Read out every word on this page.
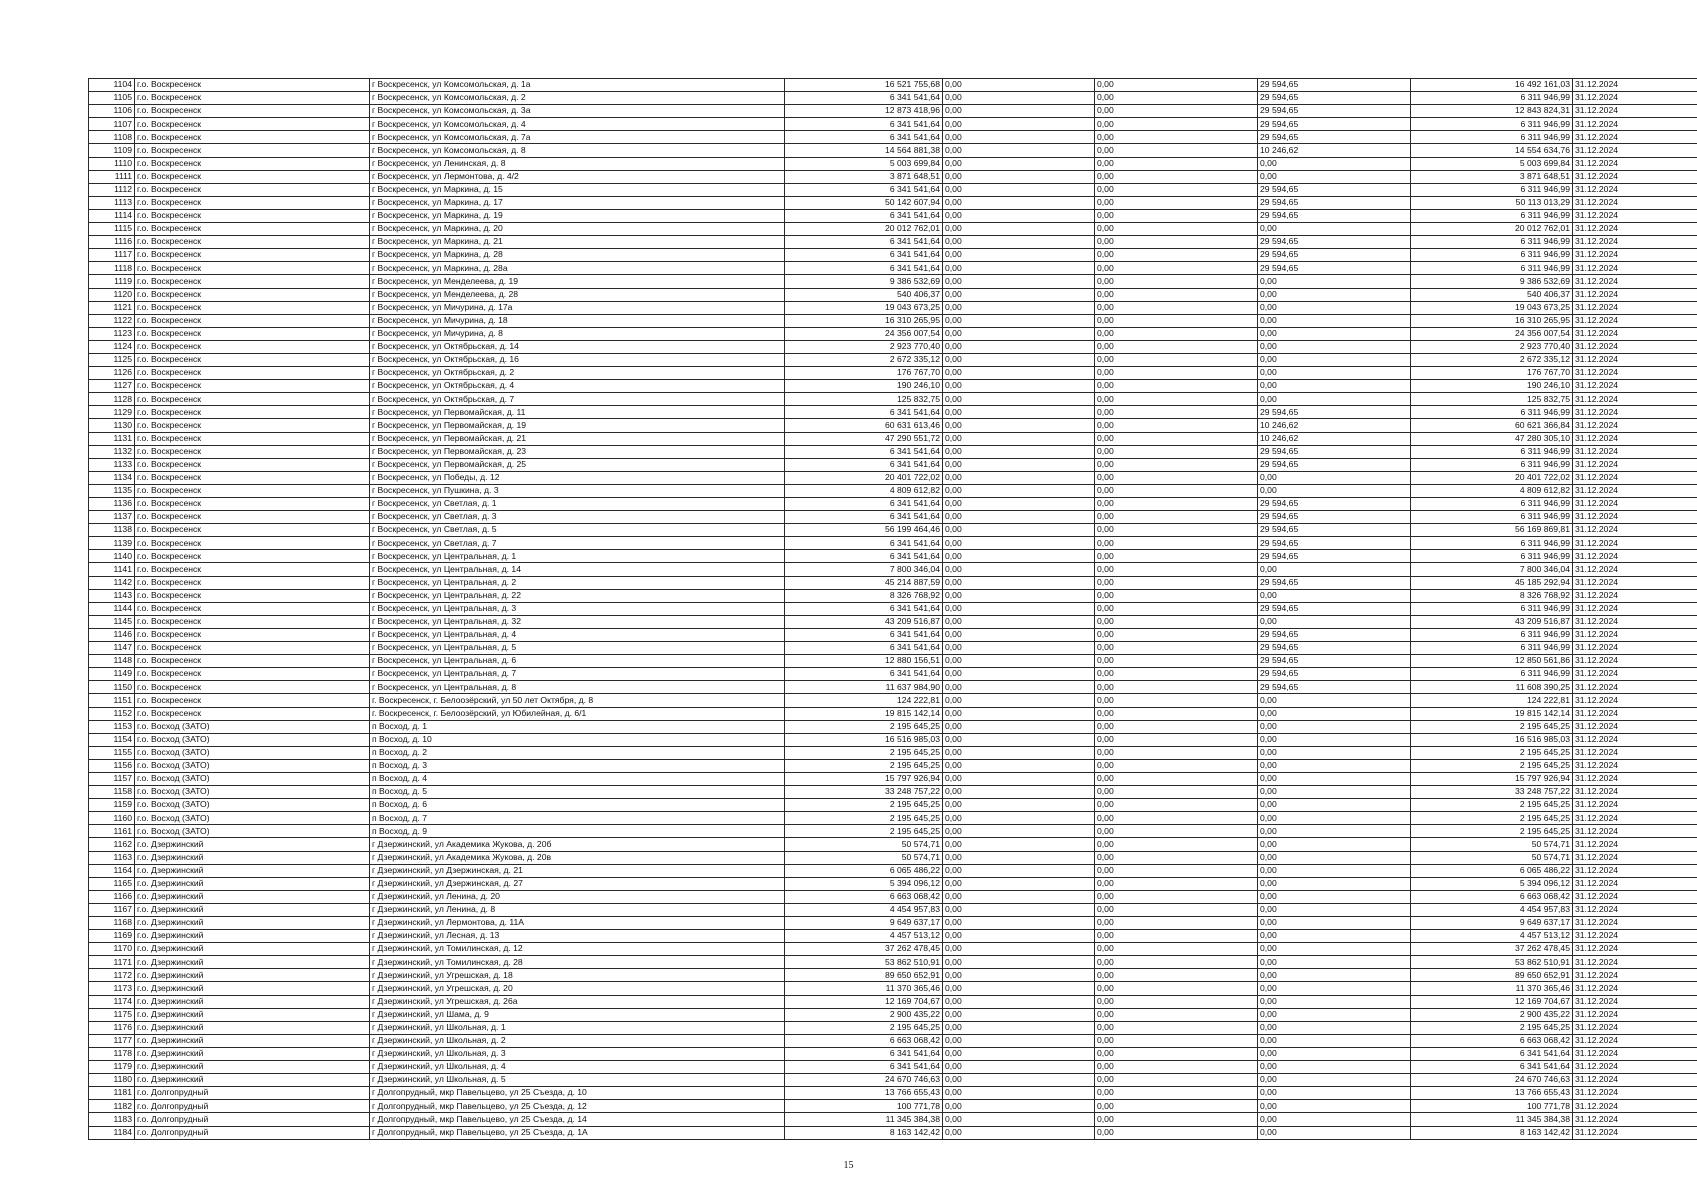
1104	г.о. Воскресенск	г Воскресенск, ул Комсомольская, д. 1а	16 521 755,68	0,00	0,00	29 594,65	16 492 161,03	31.12.2024
1105	г.о. Воскресенск	г Воскресенск, ул Комсомольская, д. 2	6 341 541,64	0,00	0,00	29 594,65	6 311 946,99	31.12.2024
1106	г.о. Воскресенск	г Воскресенск, ул Комсомольская, д. 3а	12 873 418,96	0,00	0,00	29 594,65	12 843 824,31	31.12.2024
1107	г.о. Воскресенск	г Воскресенск, ул Комсомольская, д. 4	6 341 541,64	0,00	0,00	29 594,65	6 311 946,99	31.12.2024
1108	г.о. Воскресенск	г Воскресенск, ул Комсомольская, д. 7а	6 341 541,64	0,00	0,00	29 594,65	6 311 946,99	31.12.2024
1109	г.о. Воскресенск	г Воскресенск, ул Комсомольская, д. 8	14 564 881,38	0,00	0,00	10 246,62	14 554 634,76	31.12.2024
1110	г.о. Воскресенск	г Воскресенск, ул Ленинская, д. 8	5 003 699,84	0,00	0,00	0,00	5 003 699,84	31.12.2024
1111	г.о. Воскресенск	г Воскресенск, ул Лермонтова, д. 4/2	3 871 648,51	0,00	0,00	0,00	3 871 648,51	31.12.2024
1112	г.о. Воскресенск	г Воскресенск, ул Маркина, д. 15	6 341 541,64	0,00	0,00	29 594,65	6 311 946,99	31.12.2024
1113	г.о. Воскресенск	г Воскресенск, ул Маркина, д. 17	50 142 607,94	0,00	0,00	29 594,65	50 113 013,29	31.12.2024
1114	г.о. Воскресенск	г Воскресенск, ул Маркина, д. 19	6 341 541,64	0,00	0,00	29 594,65	6 311 946,99	31.12.2024
1115	г.о. Воскресенск	г Воскресенск, ул Маркина, д. 20	20 012 762,01	0,00	0,00	0,00	20 012 762,01	31.12.2024
1116	г.о. Воскресенск	г Воскресенск, ул Маркина, д. 21	6 341 541,64	0,00	0,00	29 594,65	6 311 946,99	31.12.2024
1117	г.о. Воскресенск	г Воскресенск, ул Маркина, д. 28	6 341 541,64	0,00	0,00	29 594,65	6 311 946,99	31.12.2024
1118	г.о. Воскресенск	г Воскресенск, ул Маркина, д. 28а	6 341 541,64	0,00	0,00	29 594,65	6 311 946,99	31.12.2024
1119	г.о. Воскресенск	г Воскресенск, ул Менделеева, д. 19	9 386 532,69	0,00	0,00	0,00	9 386 532,69	31.12.2024
1120	г.о. Воскресенск	г Воскресенск, ул Менделеева, д. 28	540 406,37	0,00	0,00	0,00	540 406,37	31.12.2024
1121	г.о. Воскресенск	г Воскресенск, ул Мичурина, д. 17а	19 043 673,25	0,00	0,00	0,00	19 043 673,25	31.12.2024
1122	г.о. Воскресенск	г Воскресенск, ул Мичурина, д. 18	16 310 265,95	0,00	0,00	0,00	16 310 265,95	31.12.2024
1123	г.о. Воскресенск	г Воскресенск, ул Мичурина, д. 8	24 356 007,54	0,00	0,00	0,00	24 356 007,54	31.12.2024
1124	г.о. Воскресенск	г Воскресенск, ул Октябрьская, д. 14	2 923 770,40	0,00	0,00	0,00	2 923 770,40	31.12.2024
1125	г.о. Воскресенск	г Воскресенск, ул Октябрьская, д. 16	2 672 335,12	0,00	0,00	0,00	2 672 335,12	31.12.2024
1126	г.о. Воскресенск	г Воскресенск, ул Октябрьская, д. 2	176 767,70	0,00	0,00	0,00	176 767,70	31.12.2024
1127	г.о. Воскресенск	г Воскресенск, ул Октябрьская, д. 4	190 246,10	0,00	0,00	0,00	190 246,10	31.12.2024
1128	г.о. Воскресенск	г Воскресенск, ул Октябрьская, д. 7	125 832,75	0,00	0,00	0,00	125 832,75	31.12.2024
1129	г.о. Воскресенск	г Воскресенск, ул Первомайская, д. 11	6 341 541,64	0,00	0,00	29 594,65	6 311 946,99	31.12.2024
1130	г.о. Воскресенск	г Воскресенск, ул Первомайская, д. 19	60 631 613,46	0,00	0,00	10 246,62	60 621 366,84	31.12.2024
1131	г.о. Воскресенск	г Воскресенск, ул Первомайская, д. 21	47 290 551,72	0,00	0,00	10 246,62	47 280 305,10	31.12.2024
1132	г.о. Воскресенск	г Воскресенск, ул Первомайская, д. 23	6 341 541,64	0,00	0,00	29 594,65	6 311 946,99	31.12.2024
1133	г.о. Воскресенск	г Воскресенск, ул Первомайская, д. 25	6 341 541,64	0,00	0,00	29 594,65	6 311 946,99	31.12.2024
1134	г.о. Воскресенск	г Воскресенск, ул Победы, д. 12	20 401 722,02	0,00	0,00	0,00	20 401 722,02	31.12.2024
1135	г.о. Воскресенск	г Воскресенск, ул Пушкина, д. 3	4 809 612,82	0,00	0,00	0,00	4 809 612,82	31.12.2024
1136	г.о. Воскресенск	г Воскресенск, ул Светлая, д. 1	6 341 541,64	0,00	0,00	29 594,65	6 311 946,99	31.12.2024
1137	г.о. Воскресенск	г Воскресенск, ул Светлая, д. 3	6 341 541,64	0,00	0,00	29 594,65	6 311 946,99	31.12.2024
1138	г.о. Воскресенск	г Воскресенск, ул Светлая, д. 5	56 199 464,46	0,00	0,00	29 594,65	56 169 869,81	31.12.2024
1139	г.о. Воскресенск	г Воскресенск, ул Светлая, д. 7	6 341 541,64	0,00	0,00	29 594,65	6 311 946,99	31.12.2024
1140	г.о. Воскресенск	г Воскресенск, ул Центральная, д. 1	6 341 541,64	0,00	0,00	29 594,65	6 311 946,99	31.12.2024
1141	г.о. Воскресенск	г Воскресенск, ул Центральная, д. 14	7 800 346,04	0,00	0,00	0,00	7 800 346,04	31.12.2024
1142	г.о. Воскресенск	г Воскресенск, ул Центральная, д. 2	45 214 887,59	0,00	0,00	29 594,65	45 185 292,94	31.12.2024
1143	г.о. Воскресенск	г Воскресенск, ул Центральная, д. 22	8 326 768,92	0,00	0,00	0,00	8 326 768,92	31.12.2024
1144	г.о. Воскресенск	г Воскресенск, ул Центральная, д. 3	6 341 541,64	0,00	0,00	29 594,65	6 311 946,99	31.12.2024
1145	г.о. Воскресенск	г Воскресенск, ул Центральная, д. 32	43 209 516,87	0,00	0,00	0,00	43 209 516,87	31.12.2024
1146	г.о. Воскресенск	г Воскресенск, ул Центральная, д. 4	6 341 541,64	0,00	0,00	29 594,65	6 311 946,99	31.12.2024
1147	г.о. Воскресенск	г Воскресенск, ул Центральная, д. 5	6 341 541,64	0,00	0,00	29 594,65	6 311 946,99	31.12.2024
1148	г.о. Воскресенск	г Воскресенск, ул Центральная, д. 6	12 880 156,51	0,00	0,00	29 594,65	12 850 561,86	31.12.2024
1149	г.о. Воскресенск	г Воскресенск, ул Центральная, д. 7	6 341 541,64	0,00	0,00	29 594,65	6 311 946,99	31.12.2024
1150	г.о. Воскресенск	г Воскресенск, ул Центральная, д. 8	11 637 984,90	0,00	0,00	29 594,65	11 608 390,25	31.12.2024
1151	г.о. Воскресенск	г. Воскресенск, г. Белоозёрский, ул 50 лет Октября, д. 8	124 222,81	0,00	0,00	0,00	124 222,81	31.12.2024
1152	г.о. Воскресенск	г. Воскресенск, г. Белоозёрский, ул Юбилейная, д. 6/1	19 815 142,14	0,00	0,00	0,00	19 815 142,14	31.12.2024
1153	г.о. Восход (ЗАТО)	п Восход, д. 1	2 195 645,25	0,00	0,00	0,00	2 195 645,25	31.12.2024
1154	г.о. Восход (ЗАТО)	п Восход, д. 10	16 516 985,03	0,00	0,00	0,00	16 516 985,03	31.12.2024
1155	г.о. Восход (ЗАТО)	п Восход, д. 2	2 195 645,25	0,00	0,00	0,00	2 195 645,25	31.12.2024
1156	г.о. Восход (ЗАТО)	п Восход, д. 3	2 195 645,25	0,00	0,00	0,00	2 195 645,25	31.12.2024
1157	г.о. Восход (ЗАТО)	п Восход, д. 4	15 797 926,94	0,00	0,00	0,00	15 797 926,94	31.12.2024
1158	г.о. Восход (ЗАТО)	п Восход, д. 5	33 248 757,22	0,00	0,00	0,00	33 248 757,22	31.12.2024
1159	г.о. Восход (ЗАТО)	п Восход, д. 6	2 195 645,25	0,00	0,00	0,00	2 195 645,25	31.12.2024
1160	г.о. Восход (ЗАТО)	п Восход, д. 7	2 195 645,25	0,00	0,00	0,00	2 195 645,25	31.12.2024
1161	г.о. Восход (ЗАТО)	п Восход, д. 9	2 195 645,25	0,00	0,00	0,00	2 195 645,25	31.12.2024
1162	г.о. Дзержинский	г Дзержинский, ул Академика Жукова, д. 20б	50 574,71	0,00	0,00	0,00	50 574,71	31.12.2024
1163	г.о. Дзержинский	г Дзержинский, ул Академика Жукова, д. 20в	50 574,71	0,00	0,00	0,00	50 574,71	31.12.2024
1164	г.о. Дзержинский	г Дзержинский, ул Дзержинская, д. 21	6 065 486,22	0,00	0,00	0,00	6 065 486,22	31.12.2024
1165	г.о. Дзержинский	г Дзержинский, ул Дзержинская, д. 27	5 394 096,12	0,00	0,00	0,00	5 394 096,12	31.12.2024
1166	г.о. Дзержинский	г Дзержинский, ул Ленина, д. 20	6 663 068,42	0,00	0,00	0,00	6 663 068,42	31.12.2024
1167	г.о. Дзержинский	г Дзержинский, ул Ленина, д. 8	4 454 957,83	0,00	0,00	0,00	4 454 957,83	31.12.2024
1168	г.о. Дзержинский	г Дзержинский, ул Лермонтова, д. 11А	9 649 637,17	0,00	0,00	0,00	9 649 637,17	31.12.2024
1169	г.о. Дзержинский	г Дзержинский, ул Лесная, д. 13	4 457 513,12	0,00	0,00	0,00	4 457 513,12	31.12.2024
1170	г.о. Дзержинский	г Дзержинский, ул Томилинская, д. 12	37 262 478,45	0,00	0,00	0,00	37 262 478,45	31.12.2024
1171	г.о. Дзержинский	г Дзержинский, ул Томилинская, д. 28	53 862 510,91	0,00	0,00	0,00	53 862 510,91	31.12.2024
1172	г.о. Дзержинский	г Дзержинский, ул Угрешская, д. 18	89 650 652,91	0,00	0,00	0,00	89 650 652,91	31.12.2024
1173	г.о. Дзержинский	г Дзержинский, ул Угрешская, д. 20	11 370 365,46	0,00	0,00	0,00	11 370 365,46	31.12.2024
1174	г.о. Дзержинский	г Дзержинский, ул Угрешская, д. 26а	12 169 704,67	0,00	0,00	0,00	12 169 704,67	31.12.2024
1175	г.о. Дзержинский	г Дзержинский, ул Шама, д. 9	2 900 435,22	0,00	0,00	0,00	2 900 435,22	31.12.2024
1176	г.о. Дзержинский	г Дзержинский, ул Школьная, д. 1	2 195 645,25	0,00	0,00	0,00	2 195 645,25	31.12.2024
1177	г.о. Дзержинский	г Дзержинский, ул Школьная, д. 2	6 663 068,42	0,00	0,00	0,00	6 663 068,42	31.12.2024
1178	г.о. Дзержинский	г Дзержинский, ул Школьная, д. 3	6 341 541,64	0,00	0,00	0,00	6 341 541,64	31.12.2024
1179	г.о. Дзержинский	г Дзержинский, ул Школьная, д. 4	6 341 541,64	0,00	0,00	0,00	6 341 541,64	31.12.2024
1180	г.о. Дзержинский	г Дзержинский, ул Школьная, д. 5	24 670 746,63	0,00	0,00	0,00	24 670 746,63	31.12.2024
1181	г.о. Долгопрудный	г Долгопрудный, мкр Павельцево, ул 25 Съезда, д. 10	13 766 655,43	0,00	0,00	0,00	13 766 655,43	31.12.2024
1182	г.о. Долгопрудный	г Долгопрудный, мкр Павельцево, ул 25 Съезда, д. 12	100 771,78	0,00	0,00	0,00	100 771,78	31.12.2024
1183	г.о. Долгопрудный	г Долгопрудный, мкр Павельцево, ул 25 Съезда, д. 14	11 345 384,38	0,00	0,00	0,00	11 345 384,38	31.12.2024
1184	г.о. Долгопрудный	г Долгопрудный, мкр Павельцево, ул 25 Съезда, д. 1А	8 163 142,42	0,00	0,00	0,00	8 163 142,42	31.12.2024
15
